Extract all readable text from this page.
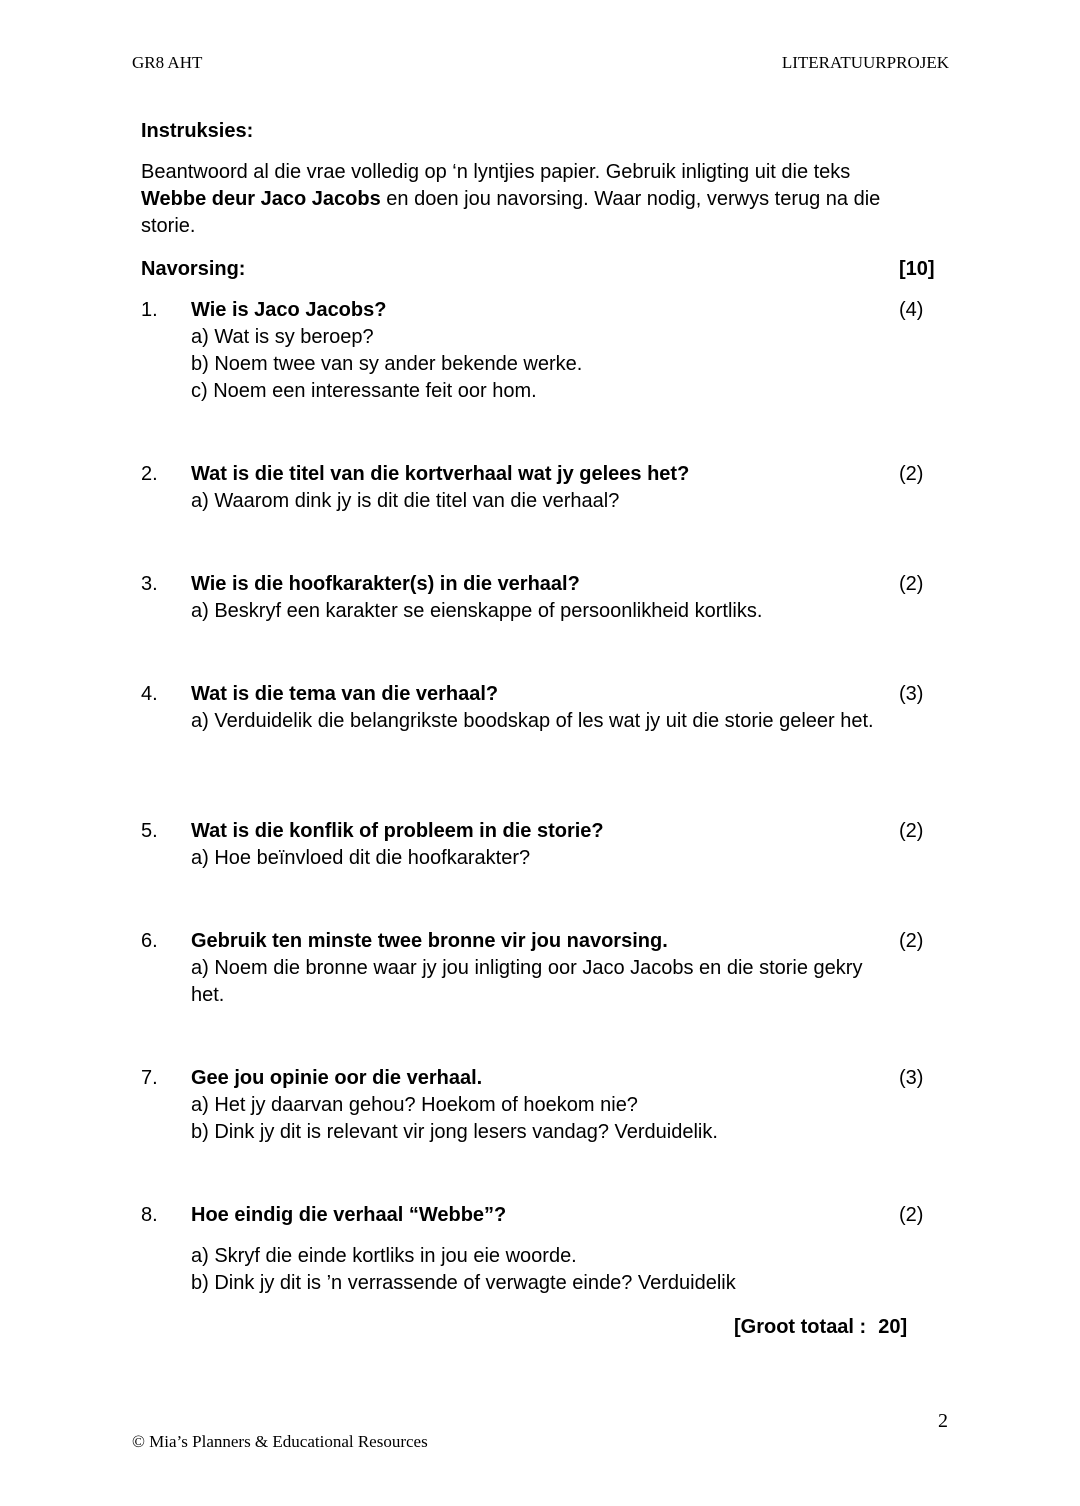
GR8 AHT	LITERATUURPROJEK
Instruksies:
Beantwoord al die vrae volledig op ‘n lyntjies papier. Gebruik inligting uit die teks Webbe deur Jaco Jacobs en doen jou navorsing. Waar nodig, verwys terug na die storie.
Navorsing:	[10]
1. Wie is Jaco Jacobs?	(4)
a) Wat is sy beroep?
b) Noem twee van sy ander bekende werke.
c) Noem een interessante feit oor hom.
2. Wat is die titel van die kortverhaal wat jy gelees het?	(2)
a) Waarom dink jy is dit die titel van die verhaal?
3. Wie is die hoofkarakter(s) in die verhaal?	(2)
a) Beskryf een karakter se eienskappe of persoonlikheid kortliks.
4. Wat is die tema van die verhaal?	(3)
a) Verduidelik die belangrikste boodskap of les wat jy uit die storie geleer het.
5. Wat is die konflik of probleem in die storie?	(2)
a) Hoe beïnvloed dit die hoofkarakter?
6. Gebruik ten minste twee bronne vir jou navorsing.	(2)
a) Noem die bronne waar jy jou inligting oor Jaco Jacobs en die storie gekry het.
7. Gee jou opinie oor die verhaal.	(3)
a) Het jy daarvan gehou? Hoekom of hoekom nie?
b) Dink jy dit is relevant vir jong lesers vandag? Verduidelik.
8. Hoe eindig die verhaal “Webbe”?	(2)
a) Skryf die einde kortliks in jou eie woorde.
b) Dink jy dit is ’n verrassende of verwagte einde? Verduidelik
[Groot totaal : 20]
2
© Mia’s Planners & Educational Resources
